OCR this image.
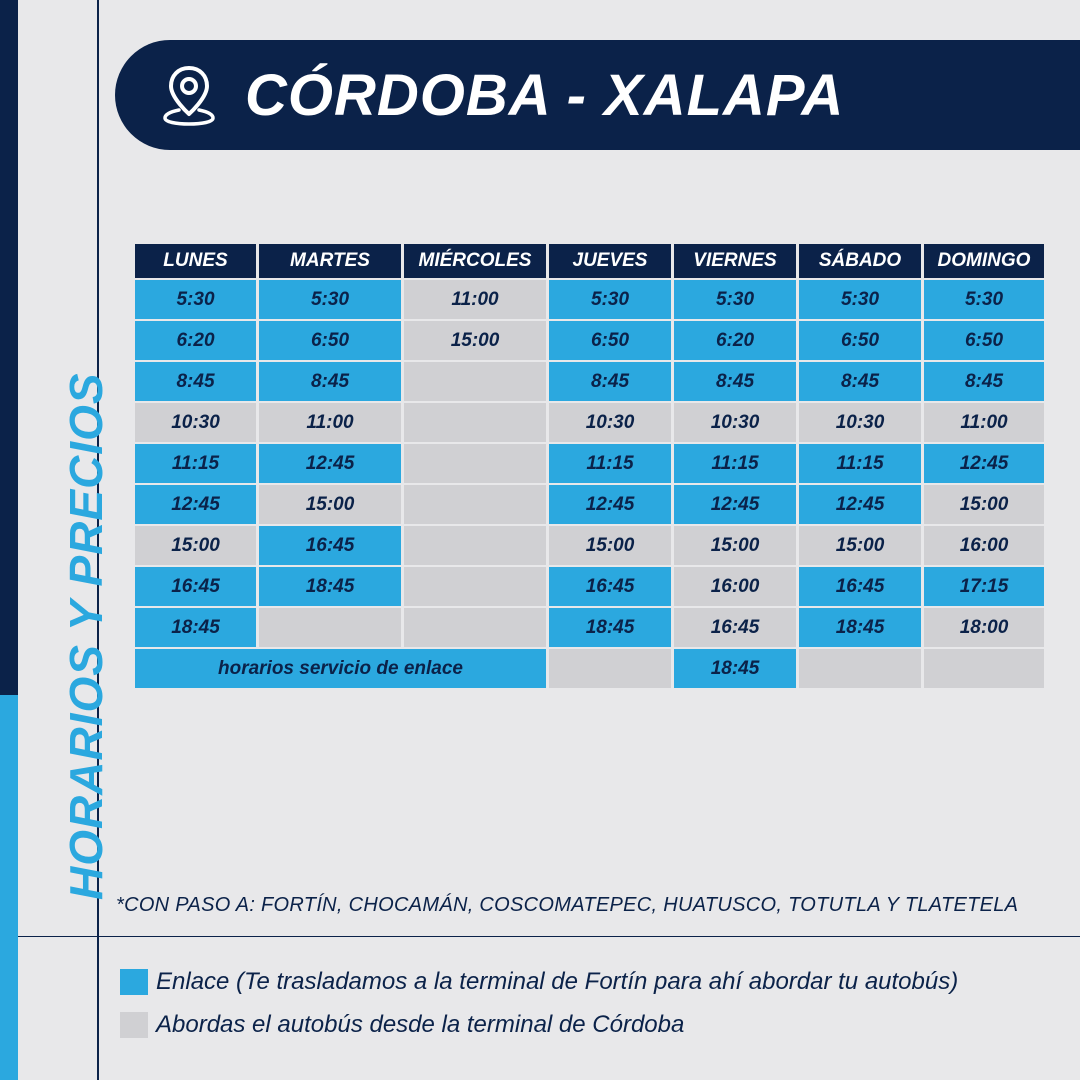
HORARIOS Y PRECIOS
CÓRDOBA - XALAPA
LUNES	MARTES	MIÉRCOLES	JUEVES	VIERNES	SÁBADO	DOMINGO
5:30	5:30	11:00	5:30	5:30	5:30	5:30
6:20	6:50	15:00	6:50	6:20	6:50	6:50
8:45	8:45		8:45	8:45	8:45	8:45
10:30	11:00		10:30	10:30	10:30	11:00
11:15	12:45		11:15	11:15	11:15	12:45
12:45	15:00		12:45	12:45	12:45	15:00
15:00	16:45		15:00	15:00	15:00	16:00
16:45	18:45		16:45	16:00	16:45	17:15
18:45			18:45	16:45	18:45	18:00
horarios servicio de enlace				18:45		
*CON PASO A: FORTÍN, CHOCAMÁN, COSCOMATEPEC, HUATUSCO, TOTUTLA Y TLATETELA
Enlace (Te trasladamos a la terminal de Fortín para ahí abordar tu autobús)
Abordas el autobús desde la terminal de Córdoba
